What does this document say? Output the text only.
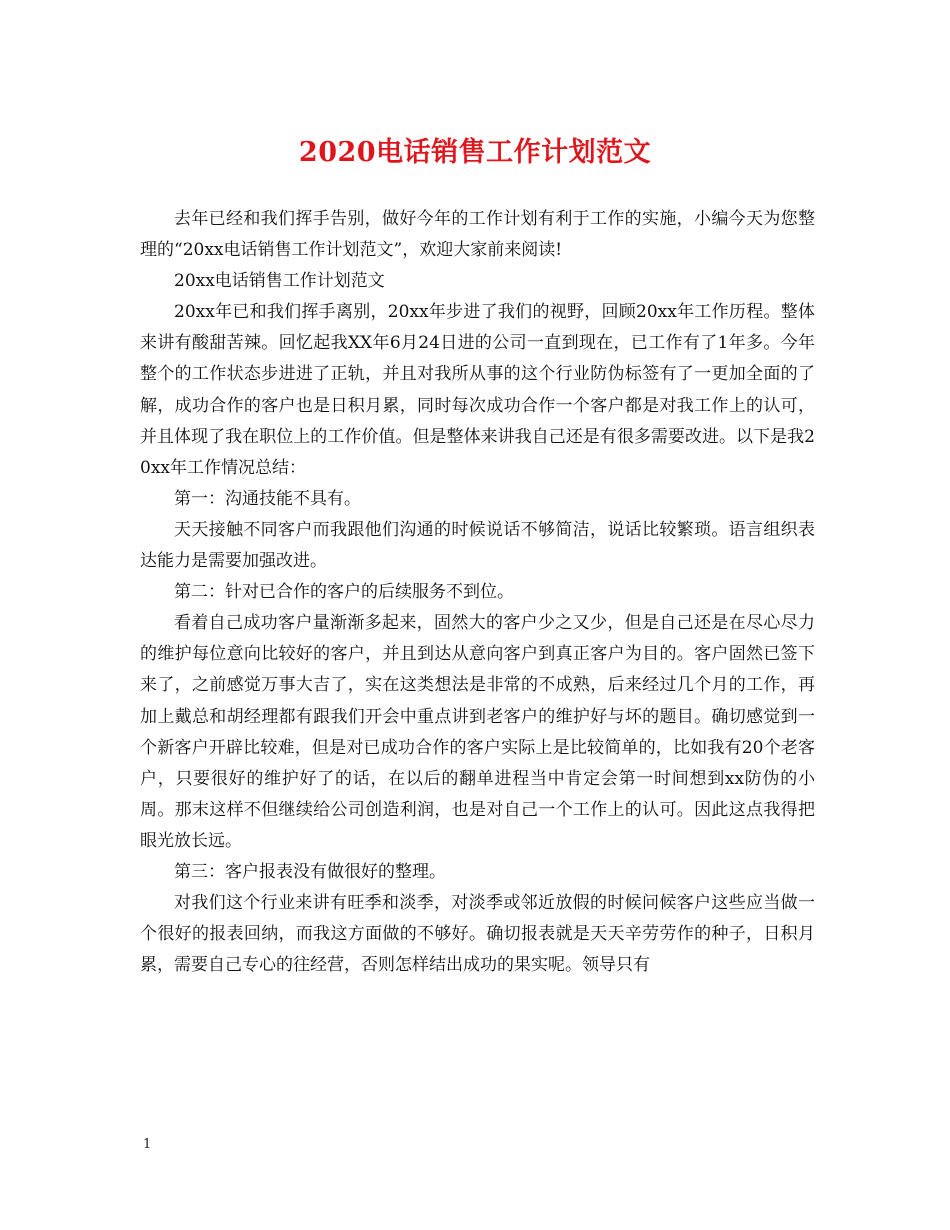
2020电话销售工作计划范文

去年已经和我们挥手告别，做好今年的工作计划有利于工作的实施，小编今天为您整理的“20xx电话销售工作计划范文”，欢迎大家前来阅读!

20xx电话销售工作计划范文

20xx年已和我们挥手离别，20xx年步进了我们的视野，回顾20xx年工作历程。整体来讲有酸甜苦辣。回忆起我XX年6月24日进的公司一直到现在，已工作有了1年多。今年整个的工作状态步进进了正轨，并且对我所从事的这个行业防伪标签有了一更加全面的了解，成功合作的客户也是日积月累，同时每次成功合作一个客户都是对我工作上的认可，并且体现了我在职位上的工作价值。但是整体来讲我自己还是有很多需要改进。以下是我20xx年工作情况总结：

第一：沟通技能不具有。

天天接触不同客户而我跟他们沟通的时候说话不够简洁，说话比较繁琐。语言组织表达能力是需要加强改进。

第二：针对已合作的客户的后续服务不到位。

看着自己成功客户量渐渐多起来，固然大的客户少之又少，但是自己还是在尽心尽力的维护每位意向比较好的客户，并且到达从意向客户到真正客户为目的。客户固然已签下来了，之前感觉万事大吉了，实在这类想法是非常的不成熟，后来经过几个月的工作，再加上戴总和胡经理都有跟我们开会中重点讲到老客户的维护好与坏的题目。确切感觉到一个新客户开辟比较难，但是对已成功合作的客户实际上是比较简单的，比如我有20个老客户，只要很好的维护好了的话，在以后的翻单进程当中肯定会第一时间想到xx防伪的小周。那末这样不但继续给公司创造利润，也是对自己一个工作上的认可。因此这点我得把眼光放长远。

第三：客户报表没有做很好的整理。

对我们这个行业来讲有旺季和淡季，对淡季或邻近放假的时候问候客户这些应当做一个很好的报表回纳，而我这方面做的不够好。确切报表就是天天辛劳劳作的种子，日积月累，需要自己专心的往经营，否则怎样结出成功的果实呢。领导只有

1
